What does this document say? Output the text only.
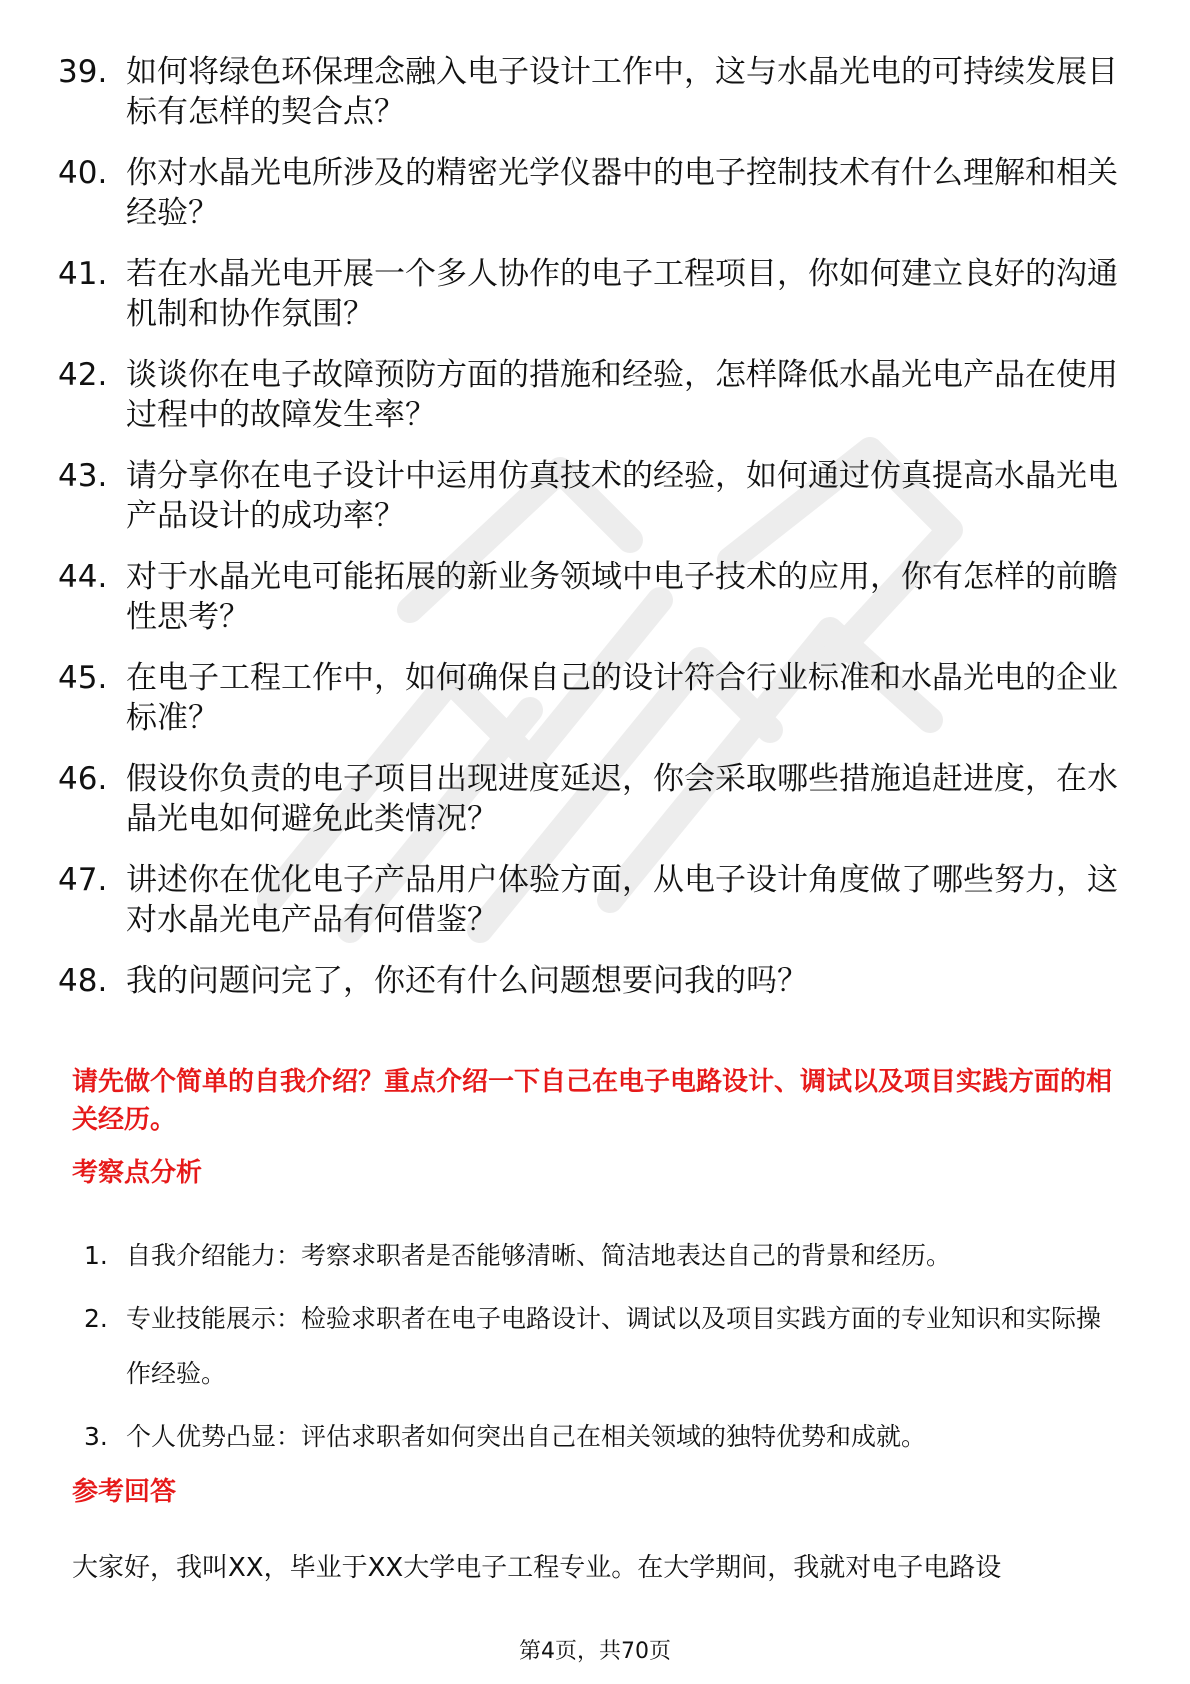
39. 如何将绿色环保理念融入电子设计工作中，这与水晶光电的可持续发展目标有怎样的契合点？
40. 你对水晶光电所涉及的精密光学仪器中的电子控制技术有什么理解和相关经验？
41. 若在水晶光电开展一个多人协作的电子工程项目，你如何建立良好的沟通机制和协作氛围？
42. 谈谈你在电子故障预防方面的措施和经验，怎样降低水晶光电产品在使用过程中的故障发生率？
43. 请分享你在电子设计中运用仿真技术的经验，如何通过仿真提高水晶光电产品设计的成功率？
44. 对于水晶光电可能拓展的新业务领域中电子技术的应用，你有怎样的前瞻性思考？
45. 在电子工程工作中，如何确保自己的设计符合行业标准和水晶光电的企业标准？
46. 假设你负责的电子项目出现进度延迟，你会采取哪些措施追赶进度，在水晶光电如何避免此类情况？
47. 讲述你在优化电子产品用户体验方面，从电子设计角度做了哪些努力，这对水晶光电产品有何借鉴？
48. 我的问题问完了，你还有什么问题想要问我的吗？
请先做个简单的自我介绍？重点介绍一下自己在电子电路设计、调试以及项目实践方面的相关经历。
考察点分析
1. 自我介绍能力：考察求职者是否能够清晰、简洁地表达自己的背景和经历。
2. 专业技能展示：检验求职者在电子电路设计、调试以及项目实践方面的专业知识和实际操作经验。
3. 个人优势凸显：评估求职者如何突出自己在相关领域的独特优势和成就。
参考回答
大家好，我叫XX，毕业于XX大学电子工程专业。在大学期间，我就对电子电路设
第4页，共70页
